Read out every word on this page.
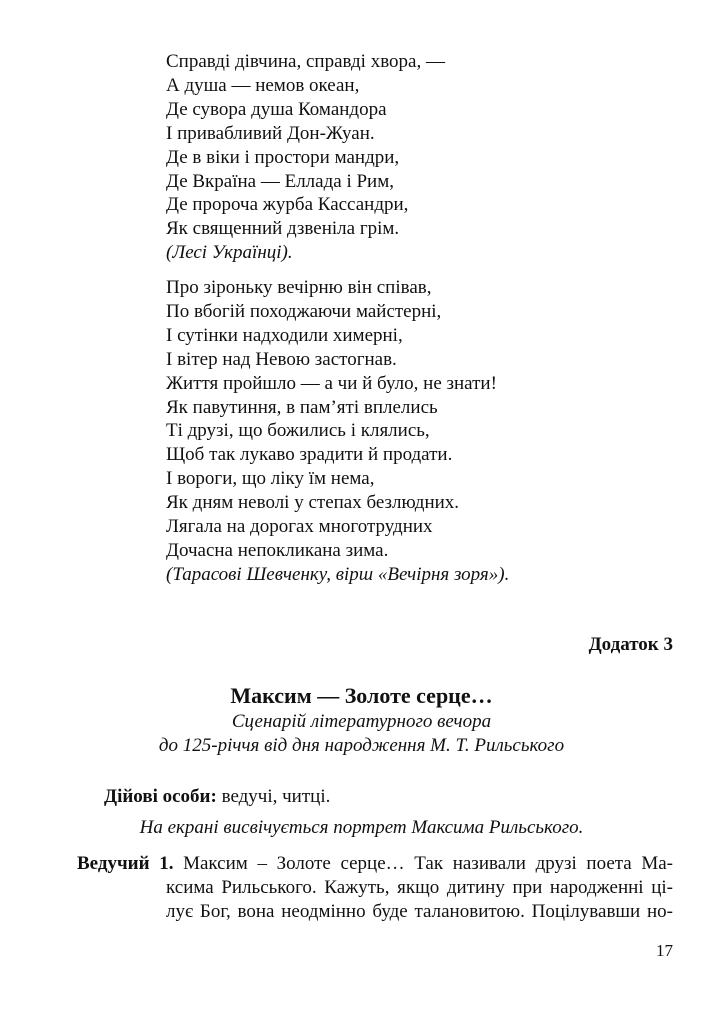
Справді дівчина, справді хвора, —
А душа — немов океан,
Де сувора душа Командора
І привабливий Дон-Жуан.
Де в віки і простори мандри,
Де Вкраїна — Еллада і Рим,
Де пророча журба Кассандри,
Як священний дзвеніла грім.
(Лесі Українці).
Про зіроньку вечірню він співав,
По вбогій походжаючи майстерні,
І сутінки надходили химерні,
І вітер над Невою застогнав.
Життя пройшло — а чи й було, не знати!
Як павутиння, в пам’яті вплелись
Ті друзі, що божились і клялись,
Щоб так лукаво зрадити й продати.
І вороги, що ліку їм нема,
Як дням неволі у степах безлюдних.
Лягала на дорогах многотрудних
Дочасна непокликана зима.
(Тарасові Шевченку, вірш «Вечірня зоря»).
Додаток 3
Максим — Золоте серце…
Сценарій літературного вечора
до 125-річчя від дня народження М. Т. Рильського
Дійові особи: ведучі, читці.
На екрані висвічується портрет Максима Рильського.
Ведучий 1. Максим – Золоте серце… Так називали друзі поета Ма-
ксима Рильського. Кажуть, якщо дитину при народженні ці-
лує Бог, вона неодмінно буде талановитою. Поцілувавши но-
17
